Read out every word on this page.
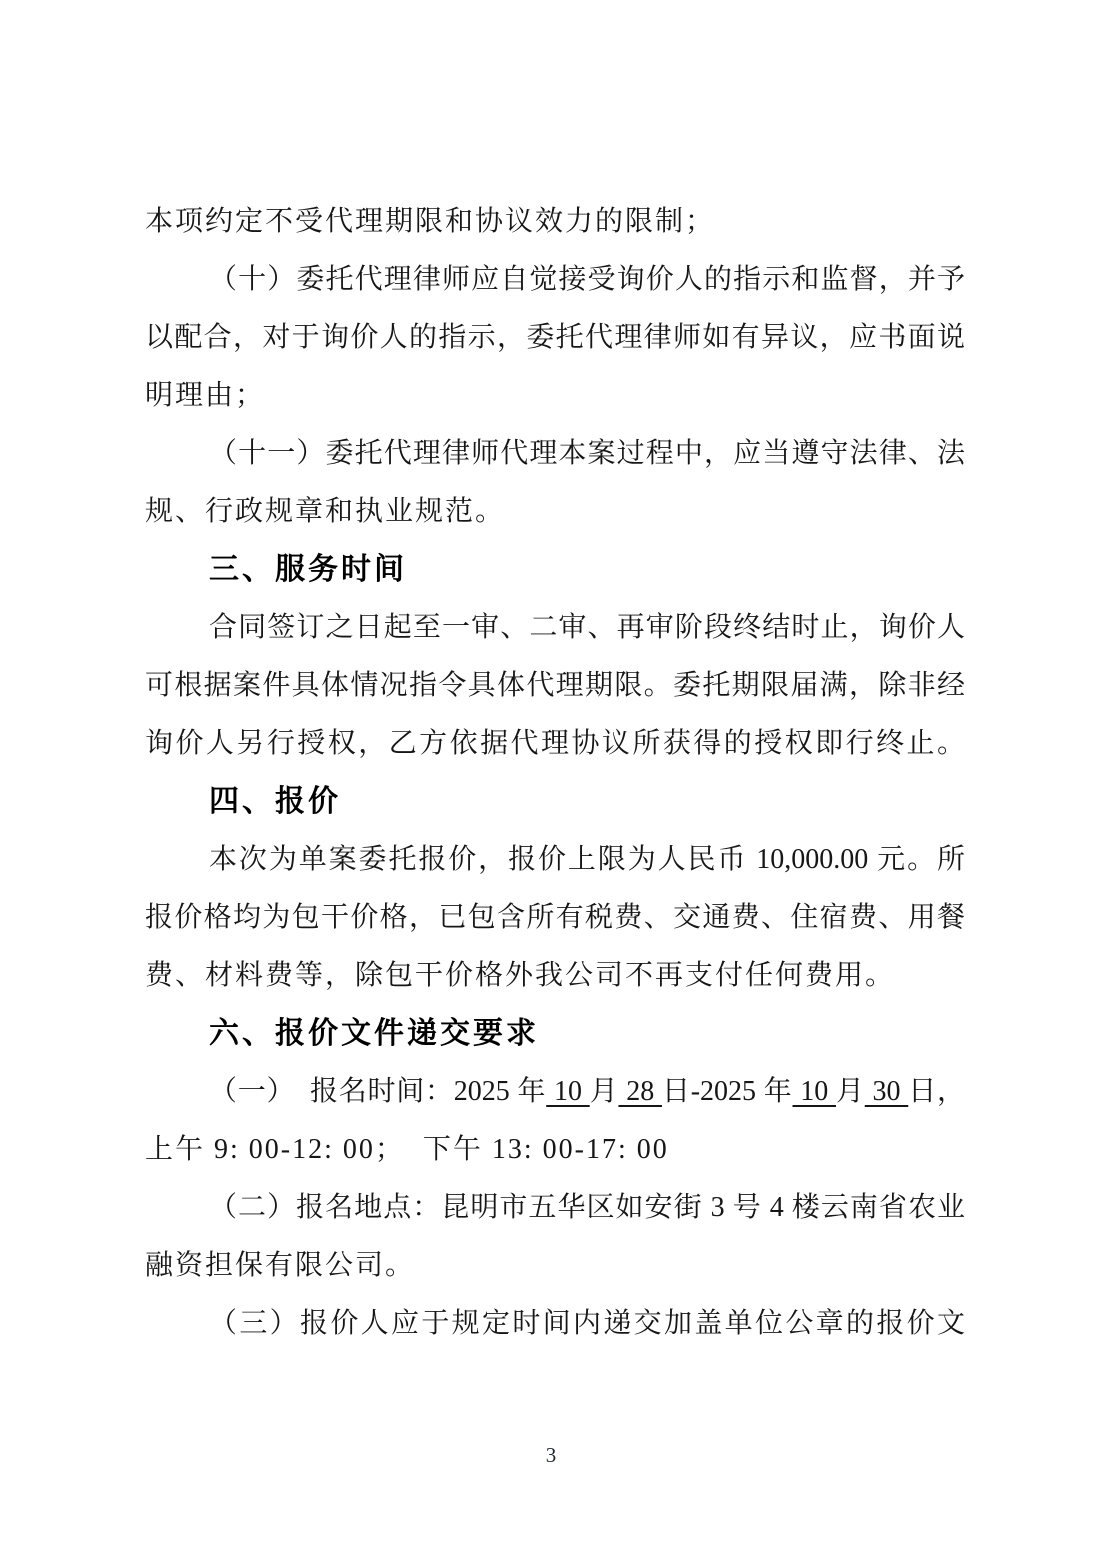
本项约定不受代理期限和协议效力的限制；
（十）委托代理律师应自觉接受询价人的指示和监督，并予
以配合，对于询价人的指示，委托代理律师如有异议，应书面说
明理由；
（十一）委托代理律师代理本案过程中，应当遵守法律、法
规、行政规章和执业规范。
三、服务时间
合同签订之日起至一审、二审、再审阶段终结时止，询价人
可根据案件具体情况指令具体代理期限。委托期限届满，除非经
询价人另行授权，乙方依据代理协议所获得的授权即行终止。
四、报价
本次为单案委托报价，报价上限为人民币 10,000.00 元。所
报价格均为包干价格，已包含所有税费、交通费、住宿费、用餐
费、材料费等，除包干价格外我公司不再支付任何费用。
六、报价文件递交要求
（一）　报名时间：2025 年 10 月 28 日-2025 年 10 月 30 日，
上午 9: 00-12: 00；  下午 13: 00-17: 00
（二）报名地点：昆明市五华区如安街 3 号 4 楼云南省农业
融资担保有限公司。
（三）报价人应于规定时间内递交加盖单位公章的报价文
3
